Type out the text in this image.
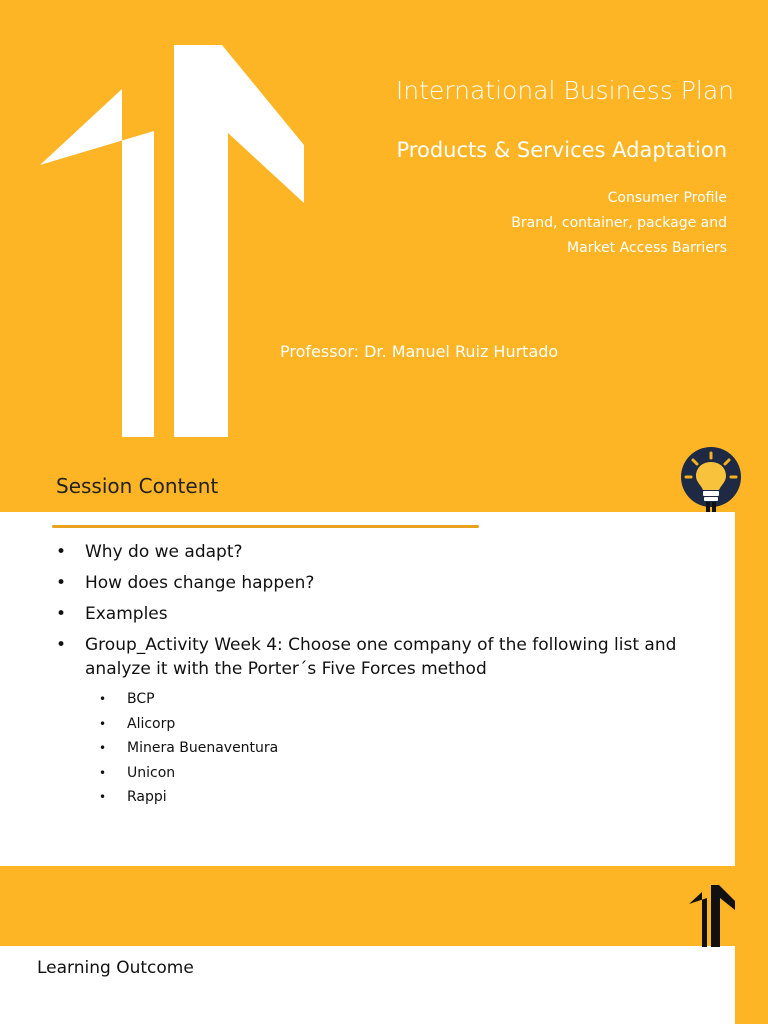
International Business Plan
Products & Services Adaptation
Consumer Profile
Brand, container, package and
Market Access Barriers
Professor: Dr. Manuel Ruiz Hurtado
Session Content
• Why do we adapt?
• How does change happen?
• Examples
• Group_Activity Week 4: Choose one company of the following list and analyze it with the Porter´s Five Forces method
• BCP
• Alicorp
• Minera Buenaventura
• Unicon
• Rappi
Learning Outcome
